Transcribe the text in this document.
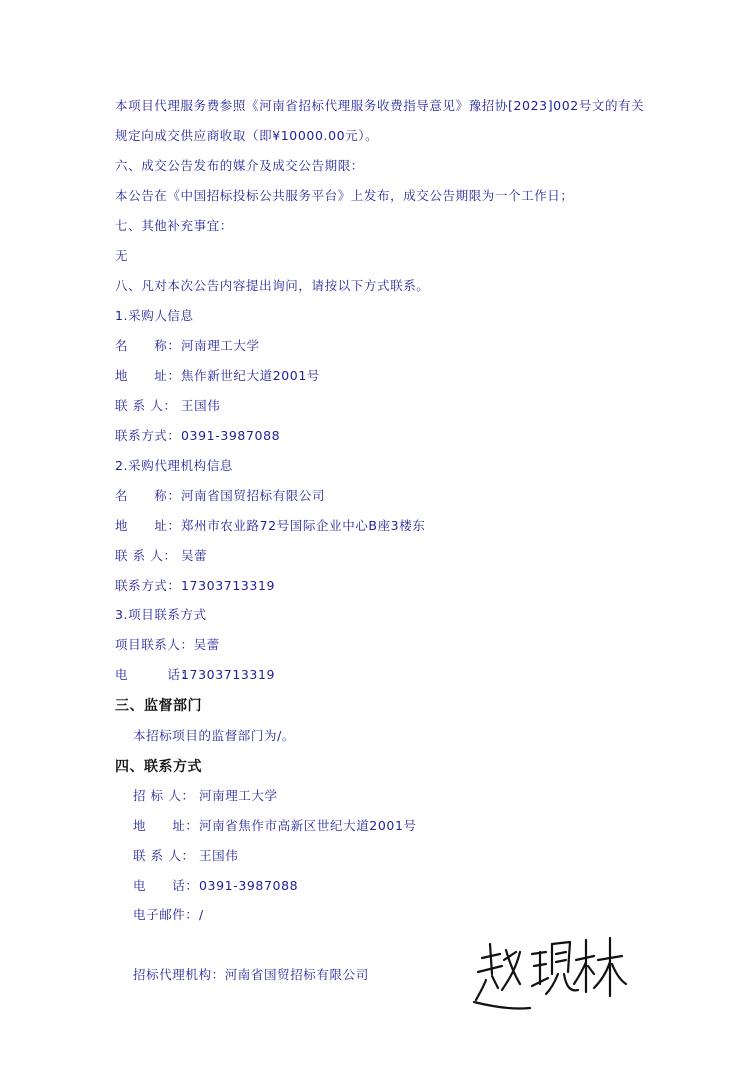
本项目代理服务费参照《河南省招标代理服务收费指导意见》豫招协[2023]002号文的有关
规定向成交供应商收取（即¥10000.00元）。
六、成交公告发布的媒介及成交公告期限：
本公告在《中国招标投标公共服务平台》上发布，成交公告期限为一个工作日；
七、其他补充事宜：
无
八、凡对本次公告内容提出询问，请按以下方式联系。
1.采购人信息
名　　称：河南理工大学
地　　址：焦作新世纪大道2001号
联 系 人： 王国伟
联系方式：0391-3987088
2.采购代理机构信息
名　　称：河南省国贸招标有限公司
地　　址：郑州市农业路72号国际企业中心B座3楼东
联 系 人： 吴蕾
联系方式：17303713319
3.项目联系方式
项目联系人：吴蕾
电　　　话：17303713319
三、监督部门
本招标项目的监督部门为/。
四、联系方式
招 标 人： 河南理工大学
地　　址：河南省焦作市高新区世纪大道2001号
联 系 人： 王国伟
电　　话：0391-3987088
电子邮件：/
招标代理机构：河南省国贸招标有限公司
